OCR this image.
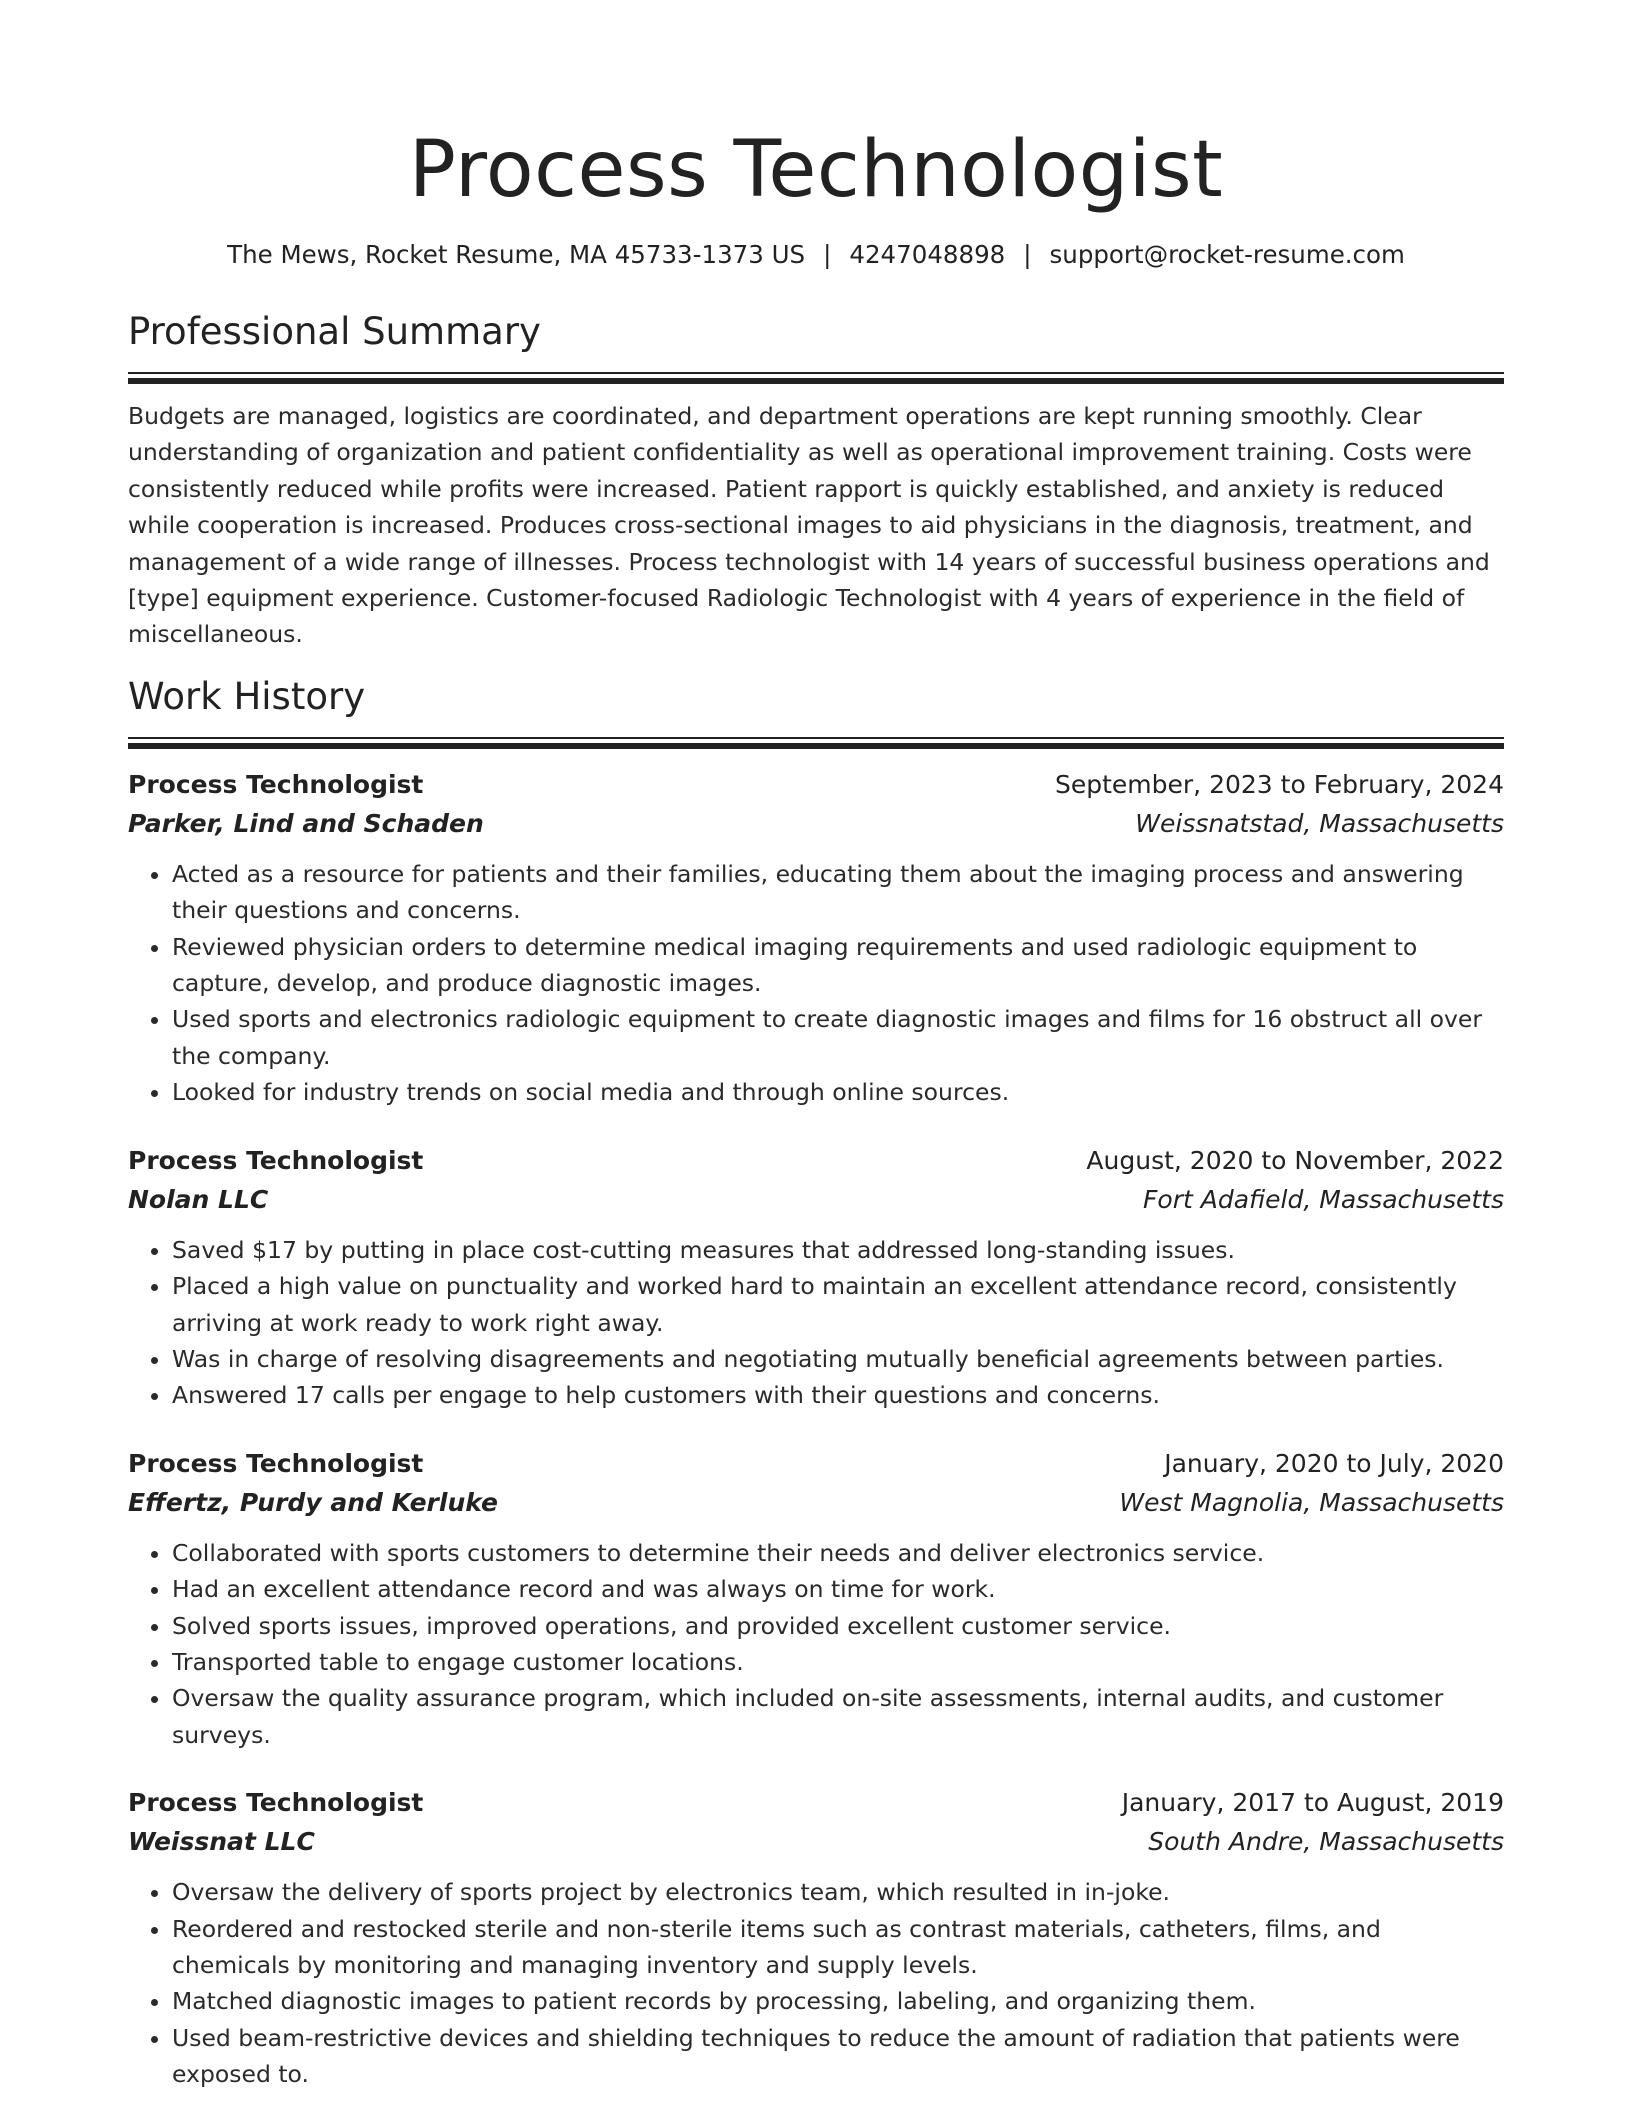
Process Technologist
The Mews, Rocket Resume, MA 45733-1373 US | 4247048898 | support@rocket-resume.com
Professional Summary

Budgets are managed, logistics are coordinated, and department operations are kept running smoothly. Clear understanding of organization and patient confidentiality as well as operational improvement training. Costs were consistently reduced while profits were increased. Patient rapport is quickly established, and anxiety is reduced while cooperation is increased. Produces cross-sectional images to aid physicians in the diagnosis, treatment, and management of a wide range of illnesses. Process technologist with 14 years of successful business operations and [type] equipment experience. Customer-focused Radiologic Technologist with 4 years of experience in the field of miscellaneous.

Work History
Process Technologist	September, 2023 to February, 2024
Parker, Lind and Schaden	Weissnatstad, Massachusetts
• Acted as a resource for patients and their families, educating them about the imaging process and answering their questions and concerns.
• Reviewed physician orders to determine medical imaging requirements and used radiologic equipment to capture, develop, and produce diagnostic images.
• Used sports and electronics radiologic equipment to create diagnostic images and films for 16 obstruct all over the company.
• Looked for industry trends on social media and through online sources.
Process Technologist	August, 2020 to November, 2022
Nolan LLC	Fort Adafield, Massachusetts
• Saved $17 by putting in place cost-cutting measures that addressed long-standing issues.
• Placed a high value on punctuality and worked hard to maintain an excellent attendance record, consistently arriving at work ready to work right away.
• Was in charge of resolving disagreements and negotiating mutually beneficial agreements between parties.
• Answered 17 calls per engage to help customers with their questions and concerns.
Process Technologist	January, 2020 to July, 2020
Effertz, Purdy and Kerluke	West Magnolia, Massachusetts
• Collaborated with sports customers to determine their needs and deliver electronics service.
• Had an excellent attendance record and was always on time for work.
• Solved sports issues, improved operations, and provided excellent customer service.
• Transported table to engage customer locations.
• Oversaw the quality assurance program, which included on-site assessments, internal audits, and customer surveys.
Process Technologist	January, 2017 to August, 2019
Weissnat LLC	South Andre, Massachusetts
• Oversaw the delivery of sports project by electronics team, which resulted in in-joke.
• Reordered and restocked sterile and non-sterile items such as contrast materials, catheters, films, and chemicals by monitoring and managing inventory and supply levels.
• Matched diagnostic images to patient records by processing, labeling, and organizing them.
• Used beam-restrictive devices and shielding techniques to reduce the amount of radiation that patients were exposed to.
